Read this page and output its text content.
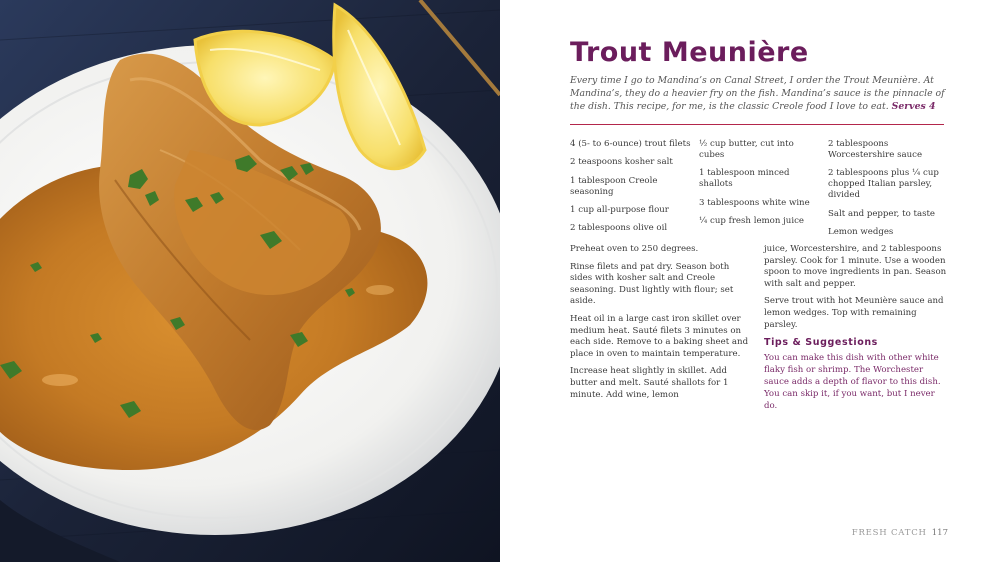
Trout Meunière

Every time I go to Mandina’s on Canal Street, I order the Trout Meunière. At Mandina’s, they do a heavier fry on the fish. Mandina’s sauce is the pinnacle of the dish. This recipe, for me, is the classic Creole food I love to eat. Serves 4

4 (5- to 6-ounce) trout filets
2 teaspoons kosher salt
1 tablespoon Creole seasoning
1 cup all-purpose flour
2 tablespoons olive oil
½ cup butter, cut into cubes
1 tablespoon minced shallots
3 tablespoons white wine
¼ cup fresh lemon juice
2 tablespoons Worcestershire sauce
2 tablespoons plus ¼ cup chopped Italian parsley, divided
Salt and pepper, to taste
Lemon wedges

Preheat oven to 250 degrees.

Rinse filets and pat dry. Season both sides with kosher salt and Creole seasoning. Dust lightly with flour; set aside.

Heat oil in a large cast iron skillet over medium heat. Sauté filets 3 minutes on each side. Remove to a baking sheet and place in oven to maintain temperature.

Increase heat slightly in skillet. Add butter and melt. Sauté shallots for 1 minute. Add wine, lemon

juice, Worcestershire, and 2 tablespoons parsley. Cook for 1 minute. Use a wooden spoon to move ingredients in pan. Season with salt and pepper.

Serve trout with hot Meunière sauce and lemon wedges. Top with remaining parsley.

Tips & Suggestions

You can make this dish with other white flaky fish or shrimp. The Worchester sauce adds a depth of flavor to this dish. You can skip it, if you want, but I never do.

FRESH CATCH 117
